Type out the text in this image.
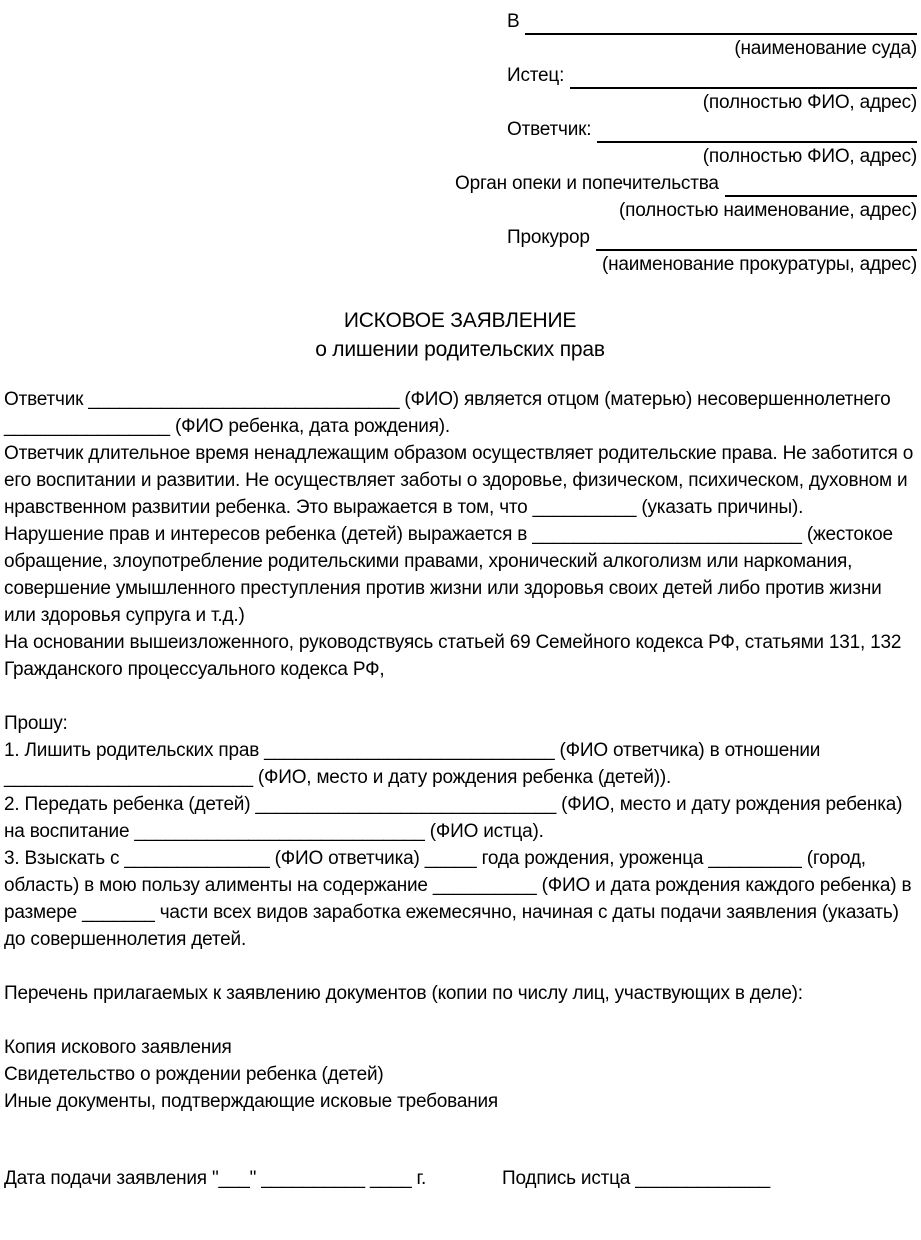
В
(наименование суда)
Истец:
(полностью ФИО, адрес)
Ответчик:
(полностью ФИО, адрес)
Орган опеки и попечительства
(полностью наименование, адрес)
Прокурор
(наименование прокуратуры, адрес)
ИСКОВОЕ ЗАЯВЛЕНИЕ
о лишении родительских прав

Ответчик ______________________________ (ФИО) является отцом (матерью) несовершеннолетнего ________________ (ФИО ребенка, дата рождения).

Ответчик длительное время ненадлежащим образом осуществляет родительские права. Не заботится о его воспитании и развитии. Не осуществляет заботы о здоровье, физическом, психическом, духовном и нравственном развитии ребенка. Это выражается в том, что __________ (указать причины).

Нарушение прав и интересов ребенка (детей) выражается в __________________________ (жестокое обращение, злоупотребление родительскими правами, хронический алкоголизм или наркомания, совершение умышленного преступления против жизни или здоровья своих детей либо против жизни или здоровья супруга и т.д.)

На основании вышеизложенного, руководствуясь статьей 69 Семейного кодекса РФ, статьями 131, 132 Гражданского процессуального кодекса РФ,

Прошу:

1. Лишить родительских прав ____________________________ (ФИО ответчика) в отношении ________________________ (ФИО, место и дату рождения ребенка (детей)).

2. Передать ребенка (детей) _____________________________ (ФИО, место и дату рождения ребенка) на воспитание ____________________________ (ФИО истца).

3. Взыскать с ______________ (ФИО ответчика) _____ года рождения, уроженца _________ (город, область) в мою пользу алименты на содержание __________ (ФИО и дата рождения каждого ребенка) в размере _______ части всех видов заработка ежемесячно, начиная с даты подачи заявления (указать) до совершеннолетия детей.

Перечень прилагаемых к заявлению документов (копии по числу лиц, участвующих в деле):

Копия искового заявления

Свидетельство о рождении ребенка (детей)

Иные документы, подтверждающие исковые требования

Дата подачи заявления "___" __________ ____ г.	Подпись истца _____________
